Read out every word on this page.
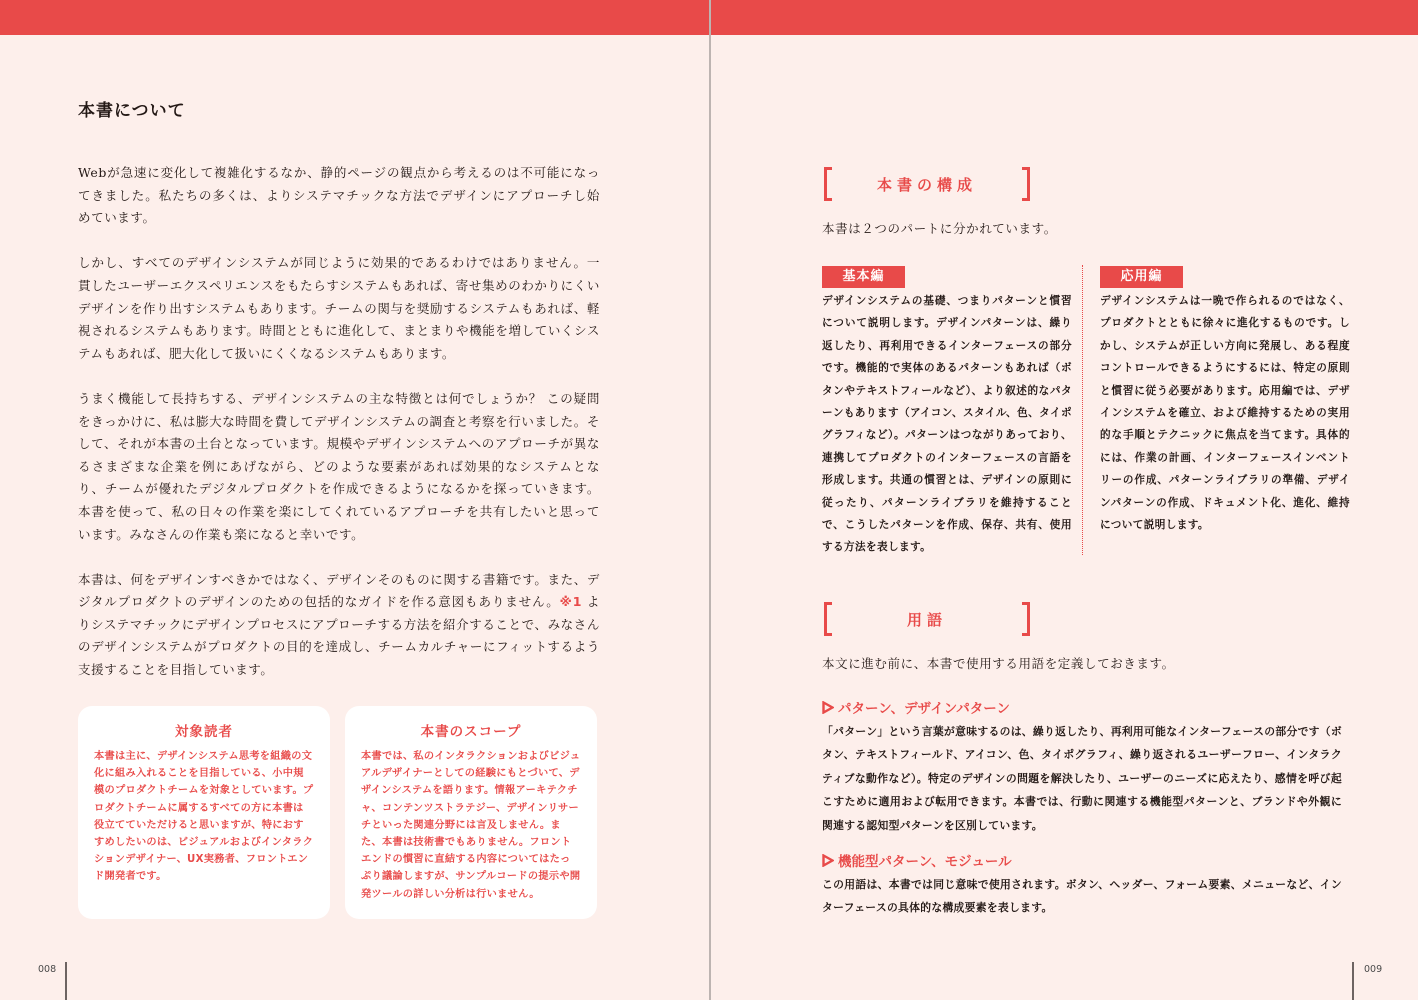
本書について

Webが急速に変化して複雑化するなか、静的ページの観点から考えるのは不可能になってきました。私たちの多くは、よりシステマチックな方法でデザインにアプローチし始めています。

しかし、すべてのデザインシステムが同じように効果的であるわけではありません。一貫したユーザーエクスペリエンスをもたらすシステムもあれば、寄せ集めのわかりにくいデザインを作り出すシステムもあります。チームの関与を奨励するシステムもあれば、軽視されるシステムもあります。時間とともに進化して、まとまりや機能を増していくシステムもあれば、肥大化して扱いにくくなるシステムもあります。

うまく機能して長持ちする、デザインシステムの主な特徴とは何でしょうか？ この疑問をきっかけに、私は膨大な時間を費してデザインシステムの調査と考察を行いました。そして、それが本書の土台となっています。規模やデザインシステムへのアプローチが異なるさまざまな企業を例にあげながら、どのような要素があれば効果的なシステムとなり、チームが優れたデジタルプロダクトを作成できるようになるかを探っていきます。本書を使って、私の日々の作業を楽にしてくれているアプローチを共有したいと思っています。みなさんの作業も楽になると幸いです。

本書は、何をデザインすべきかではなく、デザインそのものに関する書籍です。また、デジタルプロダクトのデザインのための包括的なガイドを作る意図もありません。※1 よりシステマチックにデザインプロセスにアプローチする方法を紹介することで、みなさんのデザインシステムがプロダクトの目的を達成し、チームカルチャーにフィットするよう支援することを目指しています。

対象読者

本書は主に、デザインシステム思考を組織の文化に組み入れることを目指している、小中規模のプロダクトチームを対象としています。プロダクトチームに属するすべての方に本書は役立てていただけると思いますが、特におすすめしたいのは、ビジュアルおよびインタラクションデザイナー、UX実務者、フロントエンド開発者です。

本書のスコープ

本書では、私のインタラクションおよびビジュアルデザイナーとしての経験にもとづいて、デザインシステムを語ります。情報アーキテクチャ、コンテンツストラテジー、デザインリサーチといった関連分野には言及しません。また、本書は技術書でもありません。フロントエンドの慣習に直結する内容についてはたっぷり議論しますが、サンプルコードの提示や開発ツールの詳しい分析は行いません。

008
本書の構成

本書は２つのパートに分かれています。

基本編

デザインシステムの基礎、つまりパターンと慣習について説明します。デザインパターンは、繰り返したり、再利用できるインターフェースの部分です。機能的で実体のあるパターンもあれば（ボタンやテキストフィールなど）、より叙述的なパターンもあります（アイコン、スタイル、色、タイポグラフィなど）。パターンはつながりあっており、連携してプロダクトのインターフェースの言語を形成します。共通の慣習とは、デザインの原則に従ったり、パターンライブラリを維持することで、こうしたパターンを作成、保存、共有、使用する方法を表します。

応用編

デザインシステムは一晩で作られるのではなく、プロダクトとともに徐々に進化するものです。しかし、システムが正しい方向に発展し、ある程度コントロールできるようにするには、特定の原則と慣習に従う必要があります。応用編では、デザインシステムを確立、および維持するための実用的な手順とテクニックに焦点を当てます。具体的には、作業の計画、インターフェースインベントリーの作成、パターンライブラリの準備、デザインパターンの作成、ドキュメント化、進化、維持について説明します。

用語

本文に進む前に、本書で使用する用語を定義しておきます。

パターン、デザインパターン

「パターン」という言葉が意味するのは、繰り返したり、再利用可能なインターフェースの部分です（ボタン、テキストフィールド、アイコン、色、タイポグラフィ、繰り返されるユーザーフロー、インタラクティブな動作など）。特定のデザインの問題を解決したり、ユーザーのニーズに応えたり、感情を呼び起こすために適用および転用できます。本書では、行動に関連する機能型パターンと、ブランドや外観に関連する認知型パターンを区別しています。

機能型パターン、モジュール

この用語は、本書では同じ意味で使用されます。ボタン、ヘッダー、フォーム要素、メニューなど、インターフェースの具体的な構成要素を表します。

009
